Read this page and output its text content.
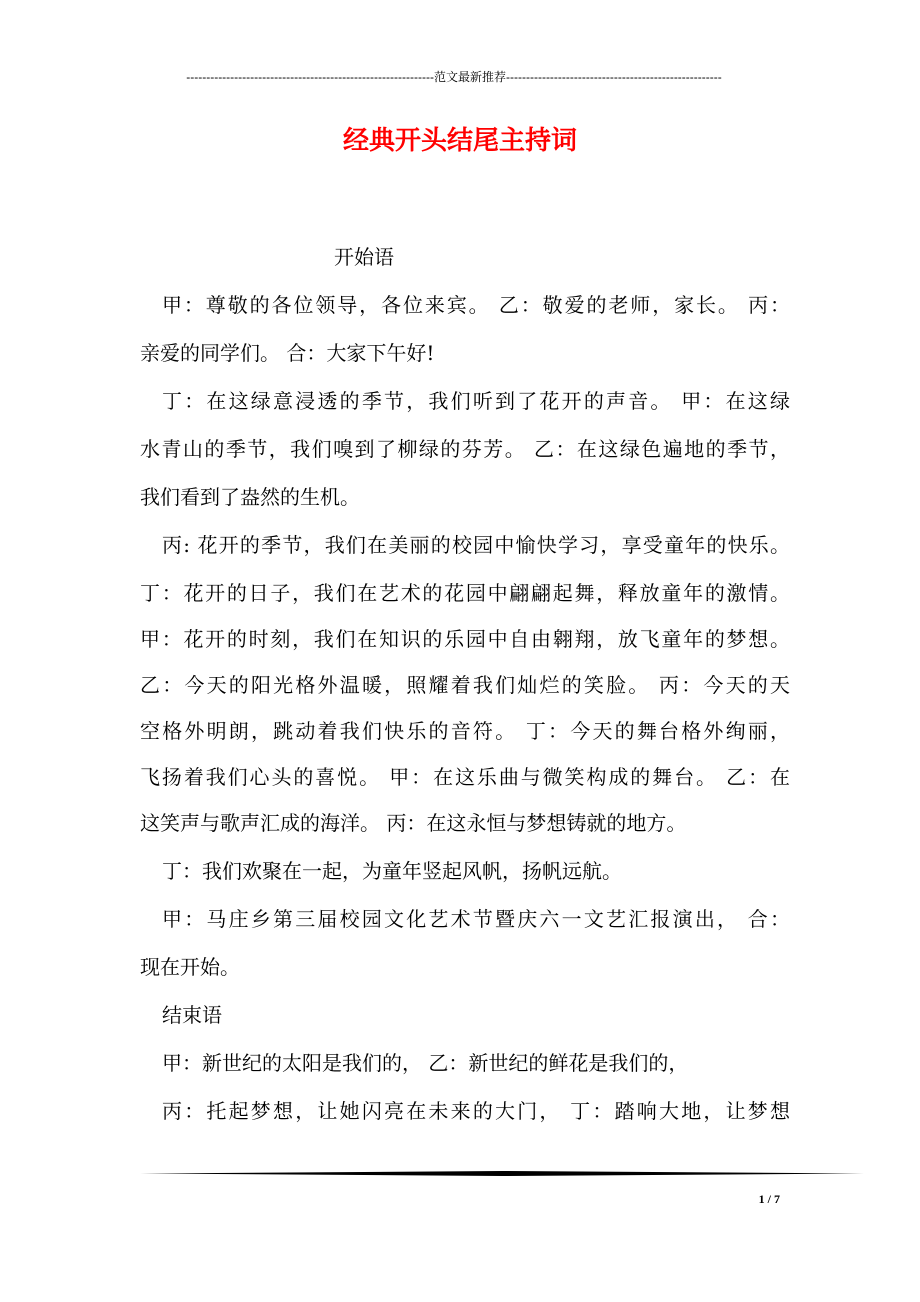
--------------------------------------------------------------范文最新推荐------------------------------------------------------
经典开头结尾主持词
开始语
甲：尊敬的各位领导，各位来宾。 乙：敬爱的老师，家长。 丙：
亲爱的同学们。 合：大家下午好!
丁：在这绿意浸透的季节，我们听到了花开的声音。 甲：在这绿
水青山的季节，我们嗅到了柳绿的芬芳。 乙：在这绿色遍地的季节，
我们看到了盎然的生机。
丙: 花开的季节，我们在美丽的校园中愉快学习，享受童年的快乐。
丁：花开的日子，我们在艺术的花园中翩翩起舞，释放童年的激情。
甲：花开的时刻，我们在知识的乐园中自由翱翔，放飞童年的梦想。
乙：今天的阳光格外温暖，照耀着我们灿烂的笑脸。 丙：今天的天
空格外明朗，跳动着我们快乐的音符。 丁：今天的舞台格外绚丽，
飞扬着我们心头的喜悦。 甲：在这乐曲与微笑构成的舞台。 乙：在
这笑声与歌声汇成的海洋。 丙：在这永恒与梦想铸就的地方。
丁：我们欢聚在一起，为童年竖起风帆，扬帆远航。
甲：马庄乡第三届校园文化艺术节暨庆六一文艺汇报演出， 合：
现在开始。
结束语
甲：新世纪的太阳是我们的， 乙：新世纪的鲜花是我们的，
丙：托起梦想，让她闪亮在未来的大门， 丁：踏响大地，让梦想
1 / 7
